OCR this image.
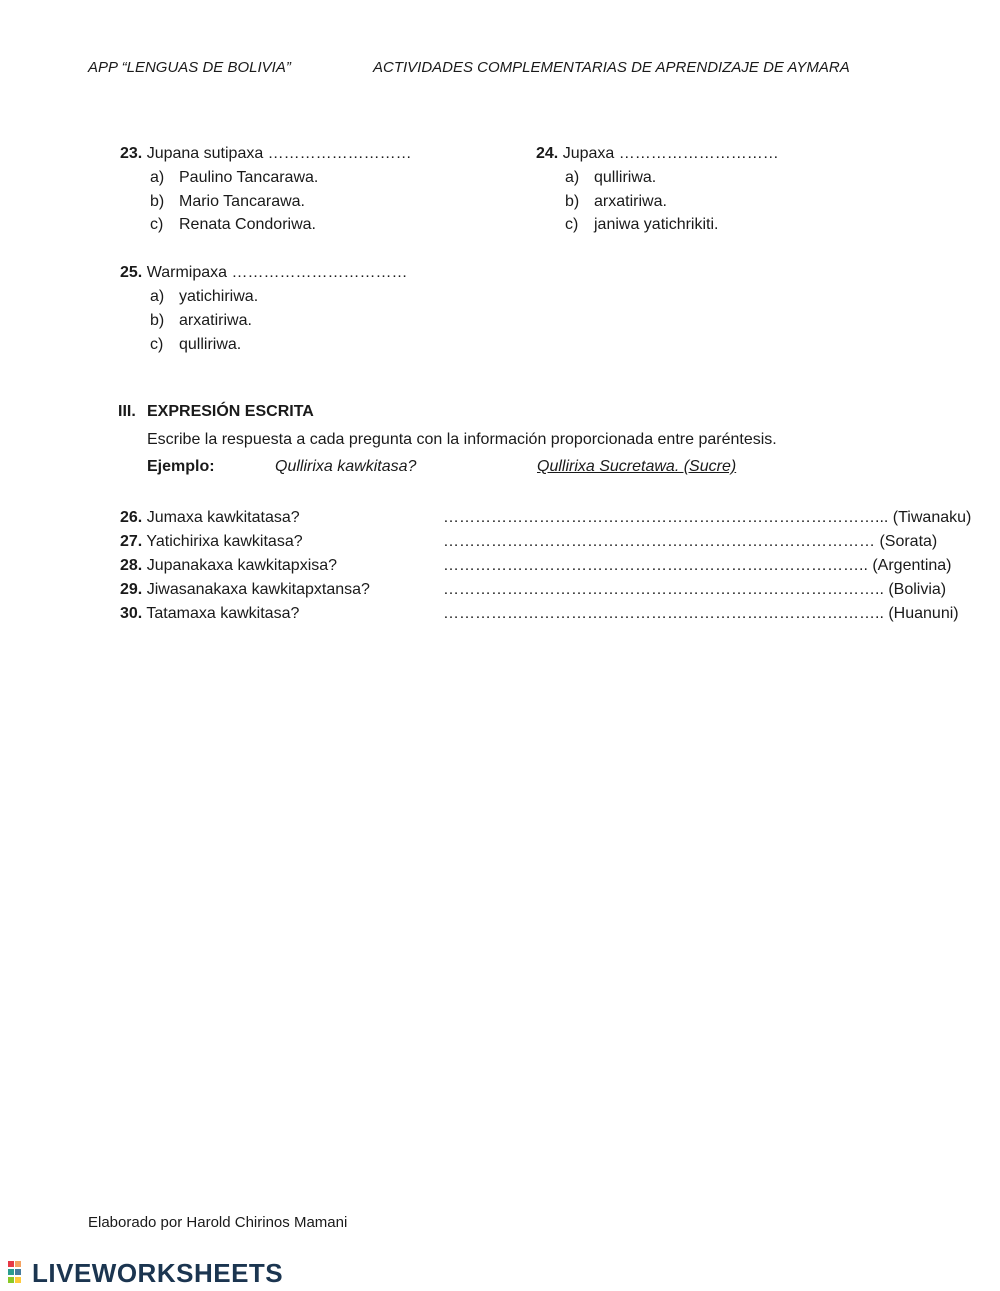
APP “LENGUAS DE BOLIVIA”	ACTIVIDADES COMPLEMENTARIAS DE APRENDIZAJE DE AYMARA
23. Jupana sutipaxa ………………………
a) Paulino Tancarawa.
b) Mario Tancarawa.
c) Renata Condoriwa.
24. Jupaxa …………………………
a) qulliriwa.
b) arxatiriwa.
c) janiwa yatichrikiti.
25. Warmipaxa ……………………………
a) yatichiriwa.
b) arxatiriwa.
c) qulliriwa.
III. EXPRESIÓN ESCRITA
Escribe la respuesta a cada pregunta con la información proporcionada entre paréntesis.
Ejemplo:	Qullirixa kawkitasa?	Qullirixa Sucretawa. (Sucre)
26. Jumaxa kawkitatasa?	………………………………………………………………………... (Tiwanaku)
27. Yatichirixa kawkitasa?	……………………………………………………………………… (Sorata)
28. Jupanakaxa kawkitapxisa?	…………………………………………………………………….. (Argentina)
29. Jiwasanakaxa kawkitapxtansa?	……………………………………………………………………….. (Bolivia)
30. Tatamaxa kawkitasa?	……………………………………………………………………….. (Huanuni)
Elaborado por Harold Chirinos Mamani
LIVEWORKSHEETS
